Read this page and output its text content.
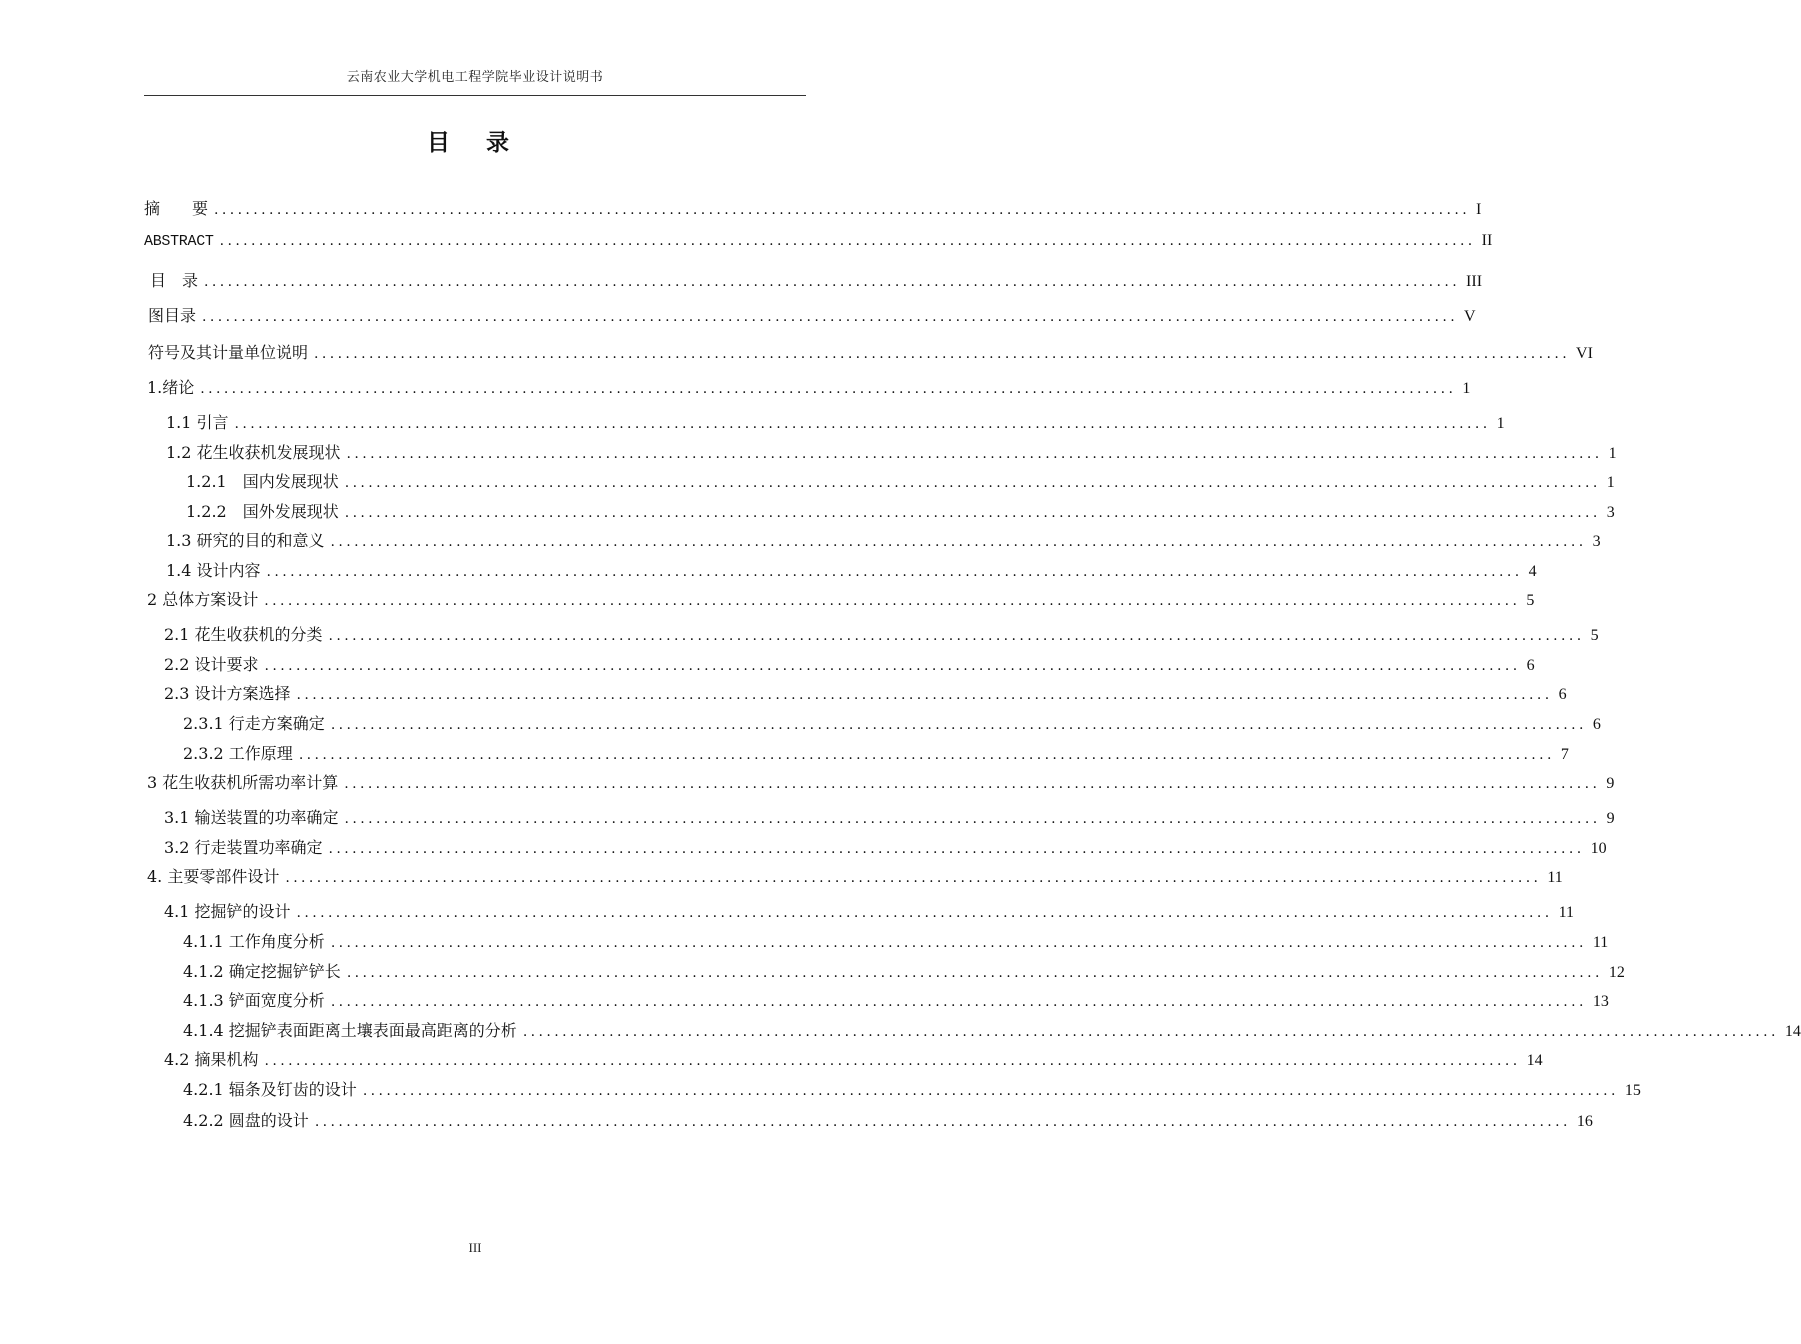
云南农业大学机电工程学院毕业设计说明书
目 录
摘　　要 ................................................................................................................................................................ I
ABSTRACT ................................................................................................................................................................ II
目　录 ................................................................................................................................................................ III
图目录 ................................................................................................................................................................ V
符号及其计量单位说明 ................................................................................................................................................................ VI
1.绪论 ................................................................................................................................................................ 1
1.1 引言 ................................................................................................................................................................ 1
1.2 花生收获机发展现状 ................................................................................................................................................................ 1
1.2.1　国内发展现状 ................................................................................................................................................................ 1
1.2.2　国外发展现状 ................................................................................................................................................................ 3
1.3 研究的目的和意义 ................................................................................................................................................................ 3
1.4 设计内容 ................................................................................................................................................................ 4
2 总体方案设计 ................................................................................................................................................................ 5
2.1 花生收获机的分类 ................................................................................................................................................................ 5
2.2 设计要求 ................................................................................................................................................................ 6
2.3 设计方案选择 ................................................................................................................................................................ 6
2.3.1 行走方案确定 ................................................................................................................................................................ 6
2.3.2 工作原理 ................................................................................................................................................................ 7
3 花生收获机所需功率计算 ................................................................................................................................................................ 9
3.1 输送装置的功率确定 ................................................................................................................................................................ 9
3.2 行走装置功率确定 ................................................................................................................................................................ 10
4. 主要零部件设计 ................................................................................................................................................................ 11
4.1 挖掘铲的设计 ................................................................................................................................................................ 11
4.1.1 工作角度分析 ................................................................................................................................................................ 11
4.1.2 确定挖掘铲铲长 ................................................................................................................................................................ 12
4.1.3 铲面宽度分析 ................................................................................................................................................................ 13
4.1.4 挖掘铲表面距离土壤表面最高距离的分析 ................................................................................................................................................................ 14
4.2 摘果机构 ................................................................................................................................................................ 14
4.2.1 辐条及钉齿的设计 ................................................................................................................................................................ 15
4.2.2 圆盘的设计 ................................................................................................................................................................ 16
III
